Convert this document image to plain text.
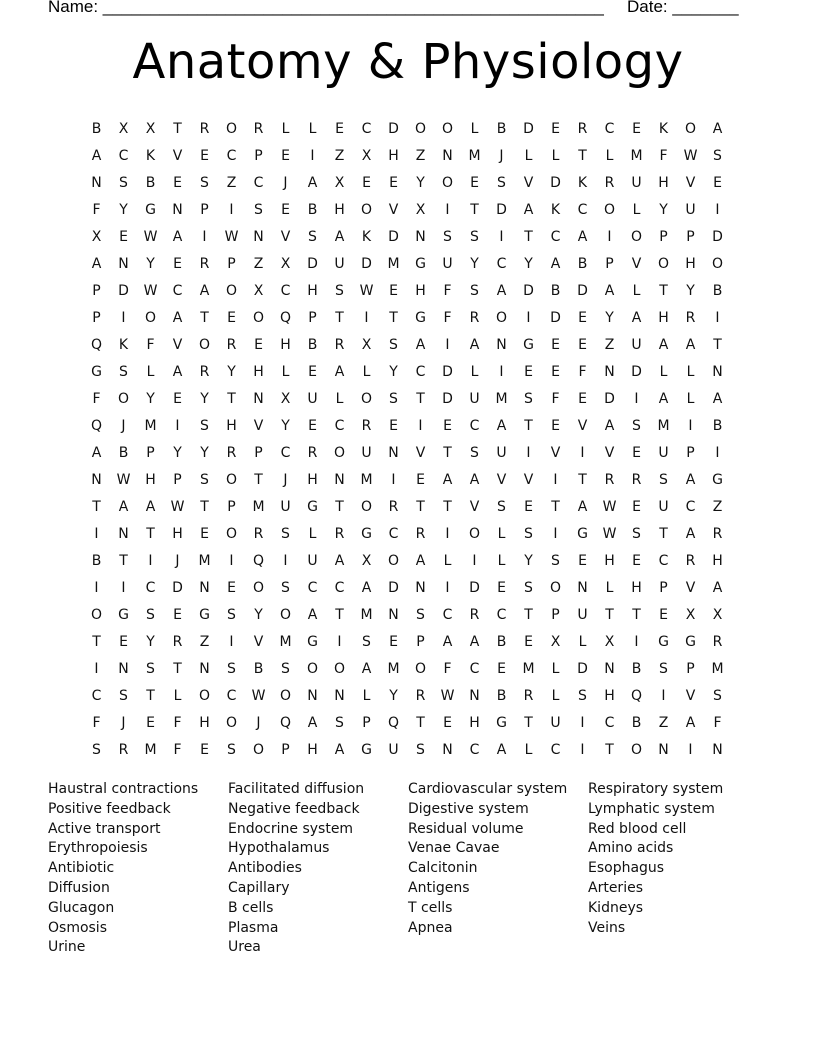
Name: _____________________________________________________ Date: _______
Anatomy & Physiology
B	X	X	T	R	O	R	L	L	E	C	D	O	O	L	B	D	E	R	C	E	K	O	A
A	C	K	V	E	C	P	E	I	Z	X	H	Z	N	M	J	L	L	T	L	M	F	W	S
N	S	B	E	S	Z	C	J	A	X	E	E	Y	O	E	S	V	D	K	R	U	H	V	E
F	Y	G	N	P	I	S	E	B	H	O	V	X	I	T	D	A	K	C	O	L	Y	U	I
X	E	W	A	I	W	N	V	S	A	K	D	N	S	S	I	T	C	A	I	O	P	P	D
A	N	Y	E	R	P	Z	X	D	U	D	M	G	U	Y	C	Y	A	B	P	V	O	H	O
P	D	W	C	A	O	X	C	H	S	W	E	H	F	S	A	D	B	D	A	L	T	Y	B
P	I	O	A	T	E	O	Q	P	T	I	T	G	F	R	O	I	D	E	Y	A	H	R	I
Q	K	F	V	O	R	E	H	B	R	X	S	A	I	A	N	G	E	E	Z	U	A	A	T
G	S	L	A	R	Y	H	L	E	A	L	Y	C	D	L	I	E	E	F	N	D	L	L	N
F	O	Y	E	Y	T	N	X	U	L	O	S	T	D	U	M	S	F	E	D	I	A	L	A
Q	J	M	I	S	H	V	Y	E	C	R	E	I	E	C	A	T	E	V	A	S	M	I	B
A	B	P	Y	Y	R	P	C	R	O	U	N	V	T	S	U	I	V	I	V	E	U	P	I
N	W	H	P	S	O	T	J	H	N	M	I	E	A	A	V	V	I	T	R	R	S	A	G
T	A	A	W	T	P	M	U	G	T	O	R	T	T	V	S	E	T	A	W	E	U	C	Z
I	N	T	H	E	O	R	S	L	R	G	C	R	I	O	L	S	I	G	W	S	T	A	R
B	T	I	J	M	I	Q	I	U	A	X	O	A	L	I	L	Y	S	E	H	E	C	R	H
I	I	C	D	N	E	O	S	C	C	A	D	N	I	D	E	S	O	N	L	H	P	V	A
O	G	S	E	G	S	Y	O	A	T	M	N	S	C	R	C	T	P	U	T	T	E	X	X
T	E	Y	R	Z	I	V	M	G	I	S	E	P	A	A	B	E	X	L	X	I	G	G	R
I	N	S	T	N	S	B	S	O	O	A	M	O	F	C	E	M	L	D	N	B	S	P	M
C	S	T	L	O	C	W	O	N	N	L	Y	R	W	N	B	R	L	S	H	Q	I	V	S
F	J	E	F	H	O	J	Q	A	S	P	Q	T	E	H	G	T	U	I	C	B	Z	A	F
S	R	M	F	E	S	O	P	H	A	G	U	S	N	C	A	L	C	I	T	O	N	I	N
Haustral contractions
Positive feedback
Active transport
Erythropoiesis
Antibiotic
Diffusion
Glucagon
Osmosis
Urine
Facilitated diffusion
Negative feedback
Endocrine system
Hypothalamus
Antibodies
Capillary
B cells
Plasma
Urea
Cardiovascular system
Digestive system
Residual volume
Venae Cavae
Calcitonin
Antigens
T cells
Apnea
Respiratory system
Lymphatic system
Red blood cell
Amino acids
Esophagus
Arteries
Kidneys
Veins
